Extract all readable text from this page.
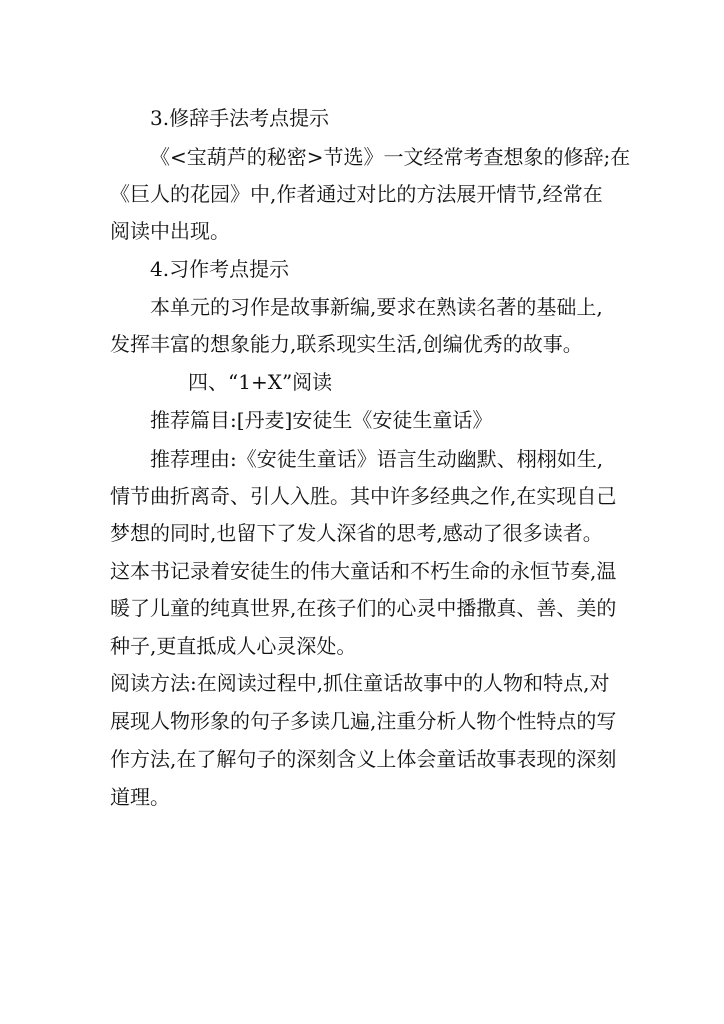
3.修辞手法考点提示
《<宝葫芦的秘密>节选》一文经常考查想象的修辞;在
《巨人的花园》中,作者通过对比的方法展开情节,经常在
阅读中出现。
4.习作考点提示
本单元的习作是故事新编,要求在熟读名著的基础上,
发挥丰富的想象能力,联系现实生活,创编优秀的故事。
四、“1+X”阅读
推荐篇目:[丹麦]安徒生《安徒生童话》
推荐理由:《安徒生童话》语言生动幽默、栩栩如生,
情节曲折离奇、引人入胜。其中许多经典之作,在实现自己
梦想的同时,也留下了发人深省的思考,感动了很多读者。
这本书记录着安徒生的伟大童话和不朽生命的永恒节奏,温
暖了儿童的纯真世界,在孩子们的心灵中播撒真、善、美的
种子,更直抵成人心灵深处。
阅读方法:在阅读过程中,抓住童话故事中的人物和特点,对
展现人物形象的句子多读几遍,注重分析人物个性特点的写
作方法,在了解句子的深刻含义上体会童话故事表现的深刻
道理。
